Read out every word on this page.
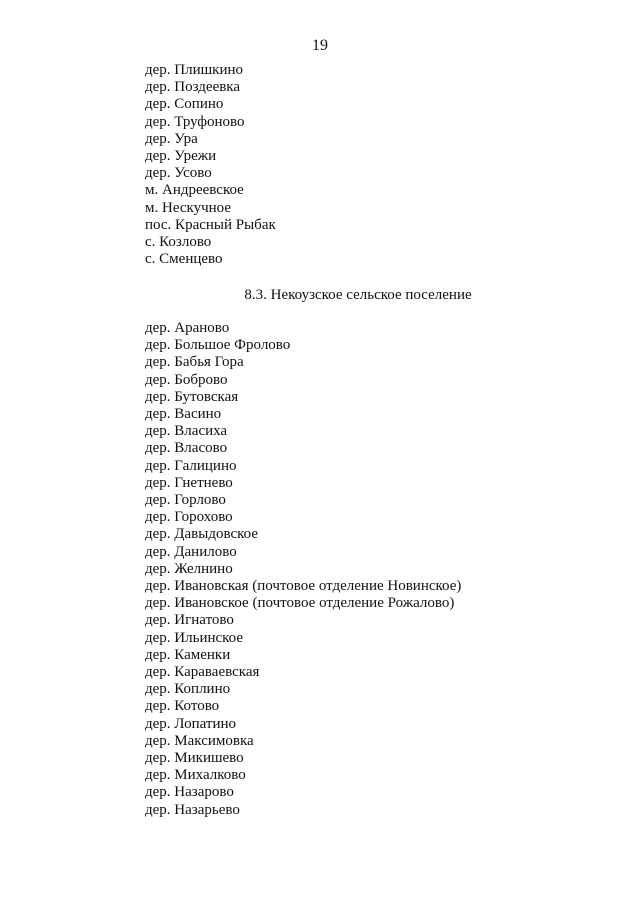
19
дер. Плишкино
дер. Поздеевка
дер. Сопино
дер. Труфоново
дер. Ура
дер. Урежи
дер. Усово
м. Андреевское
м. Нескучное
пос. Красный Рыбак
с. Козлово
с. Сменцево
8.3. Некоузское сельское поселение
дер. Араново
дер. Большое Фролово
дер. Бабья Гора
дер. Боброво
дер. Бутовская
дер. Васино
дер. Власиха
дер. Власово
дер. Галицино
дер. Гнетнево
дер. Горлово
дер. Горохово
дер. Давыдовское
дер. Данилово
дер. Желнино
дер. Ивановская (почтовое отделение Новинское)
дер. Ивановское (почтовое отделение Рожалово)
дер. Игнатово
дер. Ильинское
дер. Каменки
дер. Караваевская
дер. Коплино
дер. Котово
дер. Лопатино
дер. Максимовка
дер. Микишево
дер. Михалково
дер. Назарово
дер. Назарьево
